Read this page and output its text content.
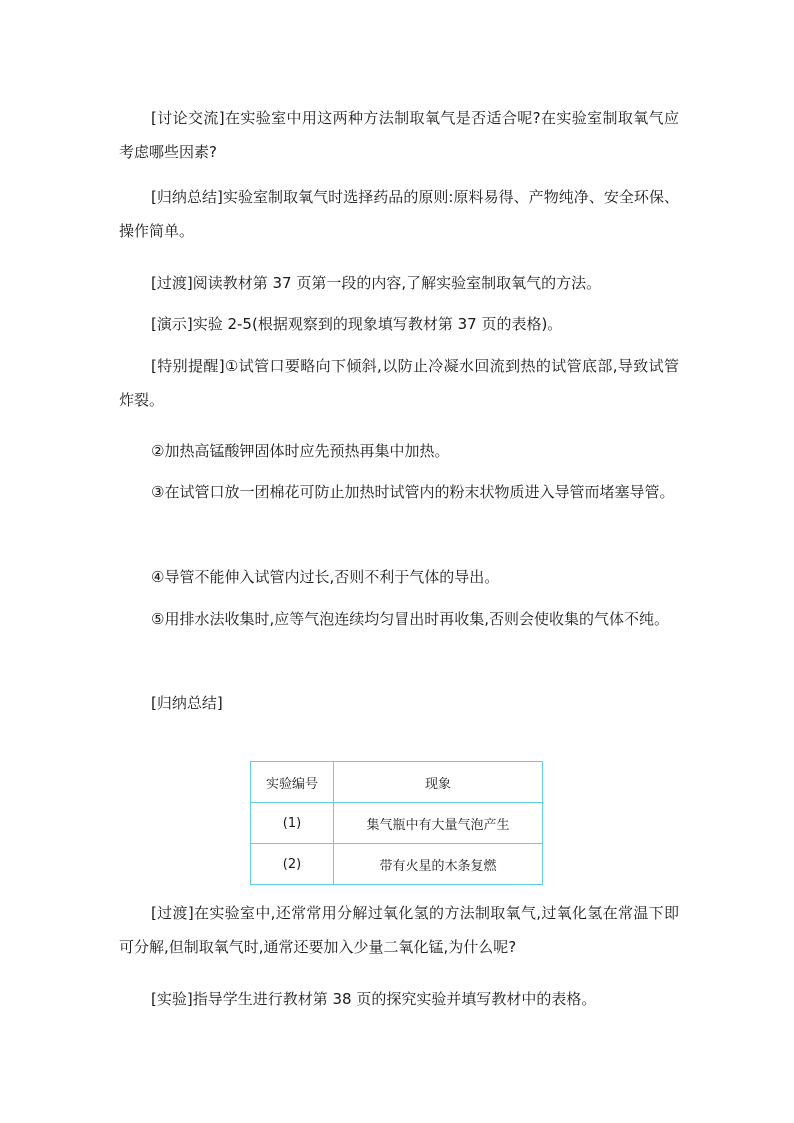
[讨论交流]在实验室中用这两种方法制取氧气是否适合呢?在实验室制取氧气应考虑哪些因素?

[归纳总结]实验室制取氧气时选择药品的原则:原料易得、产物纯净、安全环保、操作简单。

[过渡]阅读教材第 37 页第一段的内容,了解实验室制取氧气的方法。

[演示]实验 2-5(根据观察到的现象填写教材第 37 页的表格)。

[特别提醒]①试管口要略向下倾斜,以防止冷凝水回流到热的试管底部,导致试管炸裂。

②加热高锰酸钾固体时应先预热再集中加热。

③在试管口放一团棉花可防止加热时试管内的粉末状物质进入导管而堵塞导管。

④导管不能伸入试管内过长,否则不利于气体的导出。

⑤用排水法收集时,应等气泡连续均匀冒出时再收集,否则会使收集的气体不纯。

[归纳总结]

实验编号	现象
(1)	集气瓶中有大量气泡产生
(2)	带有火星的木条复燃

[过渡]在实验室中,还常常用分解过氧化氢的方法制取氧气,过氧化氢在常温下即可分解,但制取氧气时,通常还要加入少量二氧化锰,为什么呢?

[实验]指导学生进行教材第 38 页的探究实验并填写教材中的表格。
